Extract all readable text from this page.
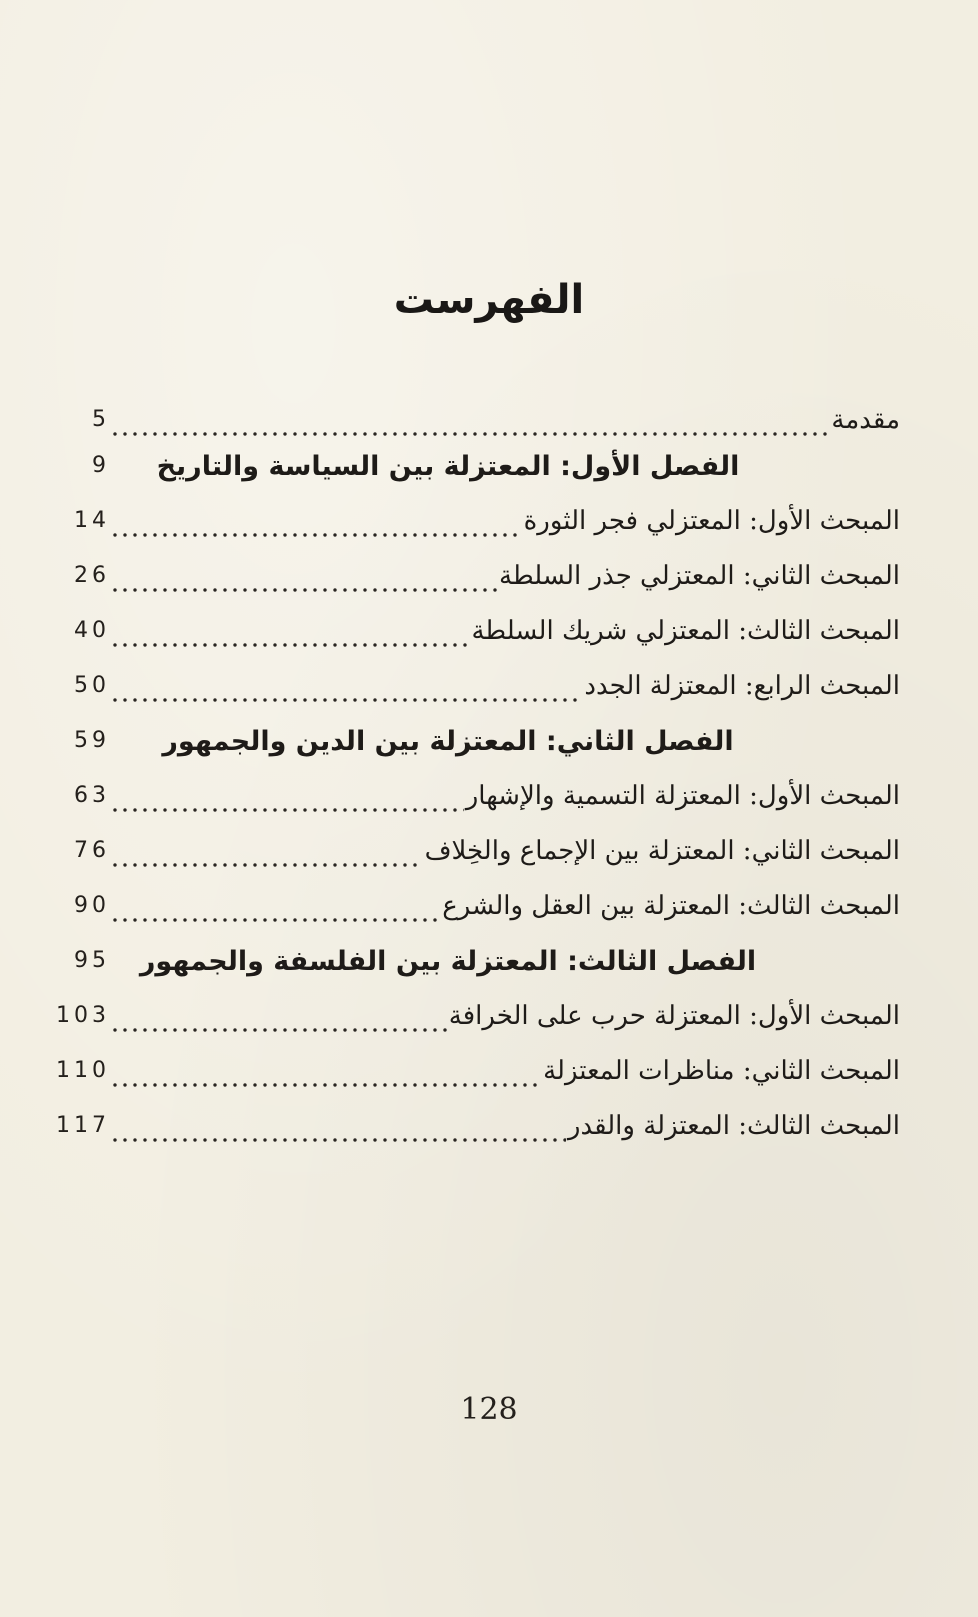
الفهرست
مقدمة
5
الفصل الأول: المعتزلة بين السياسة والتاريخ
9
المبحث الأول: المعتزلي فجر الثورة
14
المبحث الثاني: المعتزلي جذر السلطة
26
المبحث الثالث: المعتزلي شريك السلطة
40
المبحث الرابع: المعتزلة الجدد
50
الفصل الثاني: المعتزلة بين الدين والجمهور
59
المبحث الأول: المعتزلة التسمية والإشهار
63
المبحث الثاني: المعتزلة بين الإجماع والخِلاف
76
المبحث الثالث: المعتزلة بين العقل والشرع
90
الفصل الثالث: المعتزلة بين الفلسفة والجمهور
95
المبحث الأول: المعتزلة حرب على الخرافة
103
المبحث الثاني: مناظرات المعتزلة
110
المبحث الثالث: المعتزلة والقدر
117
128
